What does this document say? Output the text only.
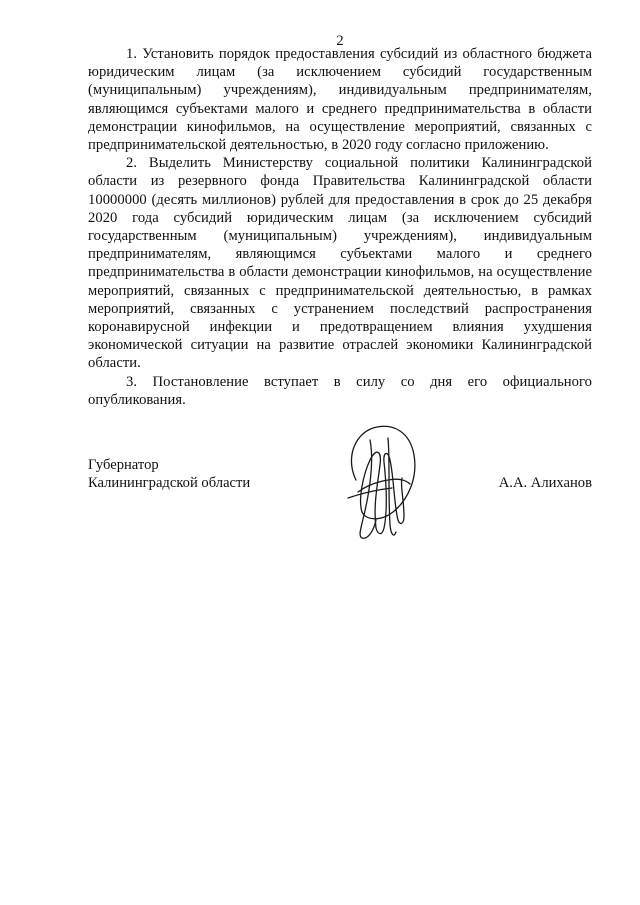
2

1. Установить порядок предоставления субсидий из областного бюджета юридическим лицам (за исключением субсидий государственным (муниципальным) учреждениям), индивидуальным предпринимателям, являющимся субъектами малого и среднего предпринимательства в области демонстрации кинофильмов, на осуществление мероприятий, связанных с предпринимательской деятельностью, в 2020 году согласно приложению.

2. Выделить Министерству социальной политики Калининградской области из резервного фонда Правительства Калининградской области 10000000 (десять миллионов) рублей для предоставления в срок до 25 декабря 2020 года субсидий юридическим лицам (за исключением субсидий государственным (муниципальным) учреждениям), индивидуальным предпринимателям, являющимся субъектами малого и среднего предпринимательства в области демонстрации кинофильмов, на осуществление мероприятий, связанных с предпринимательской деятельностью, в рамках мероприятий, связанных с устранением последствий распространения коронавирусной инфекции и предотвращением влияния ухудшения экономической ситуации на развитие отраслей экономики Калининградской области.

3. Постановление вступает в силу со дня его официального опубликования.

Губернатор
Калининградской области	А.А. Алиханов
